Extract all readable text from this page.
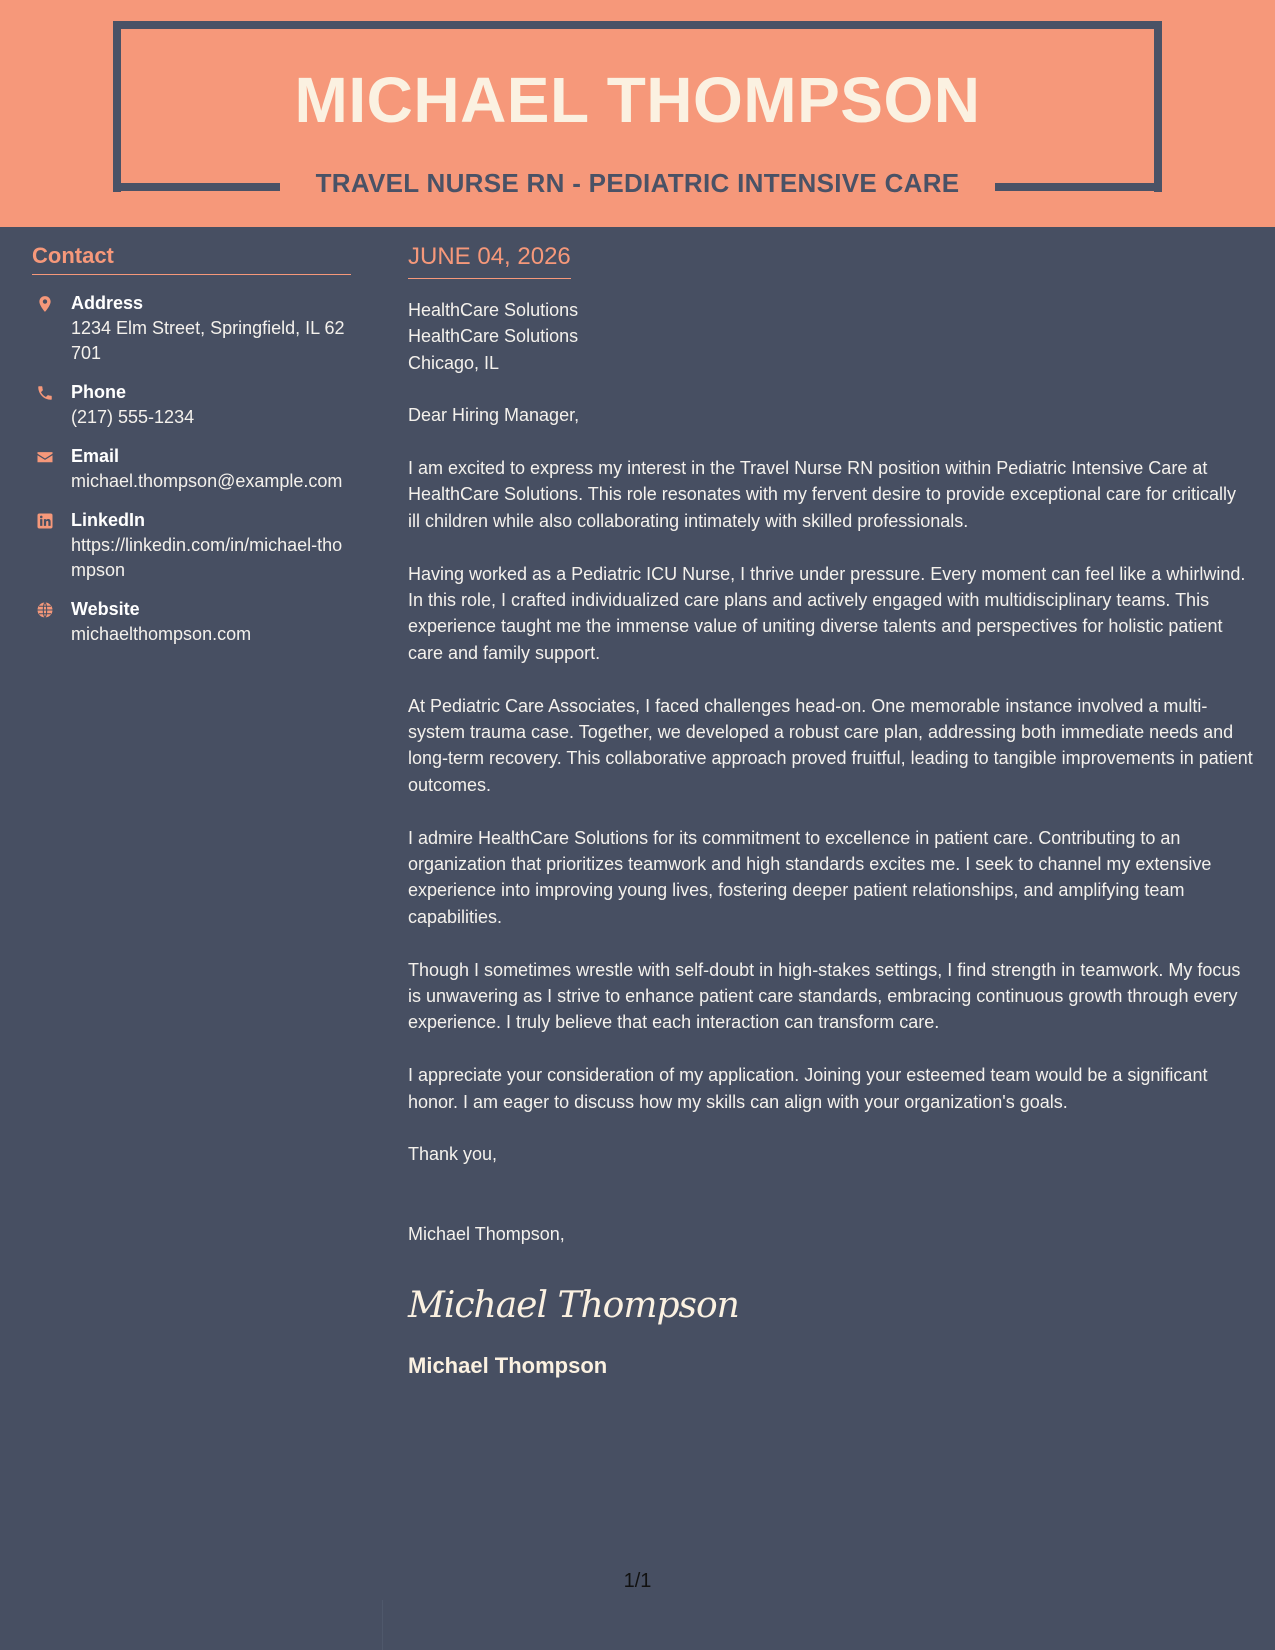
MICHAEL THOMPSON
TRAVEL NURSE RN - PEDIATRIC INTENSIVE CARE
Contact
Address
1234 Elm Street, Springfield, IL 62701
Phone
(217) 555-1234
Email
michael.thompson@example.com
LinkedIn
https://linkedin.com/in/michael-thompson
Website
michaelthompson.com
JUNE 04, 2026
HealthCare Solutions
HealthCare Solutions
Chicago, IL
Dear Hiring Manager,

I am excited to express my interest in the Travel Nurse RN position within Pediatric Intensive Care at HealthCare Solutions. This role resonates with my fervent desire to provide exceptional care for critically ill children while also collaborating intimately with skilled professionals.

Having worked as a Pediatric ICU Nurse, I thrive under pressure. Every moment can feel like a whirlwind. In this role, I crafted individualized care plans and actively engaged with multidisciplinary teams. This experience taught me the immense value of uniting diverse talents and perspectives for holistic patient care and family support.

At Pediatric Care Associates, I faced challenges head-on. One memorable instance involved a multi-system trauma case. Together, we developed a robust care plan, addressing both immediate needs and long-term recovery. This collaborative approach proved fruitful, leading to tangible improvements in patient outcomes.

I admire HealthCare Solutions for its commitment to excellence in patient care. Contributing to an organization that prioritizes teamwork and high standards excites me. I seek to channel my extensive experience into improving young lives, fostering deeper patient relationships, and amplifying team capabilities.

Though I sometimes wrestle with self-doubt in high-stakes settings, I find strength in teamwork. My focus is unwavering as I strive to enhance patient care standards, embracing continuous growth through every experience. I truly believe that each interaction can transform care.

I appreciate your consideration of my application. Joining your esteemed team would be a significant honor. I am eager to discuss how my skills can align with your organization's goals.

Thank you,
Michael Thompson,
Michael Thompson
Michael Thompson
1/1
